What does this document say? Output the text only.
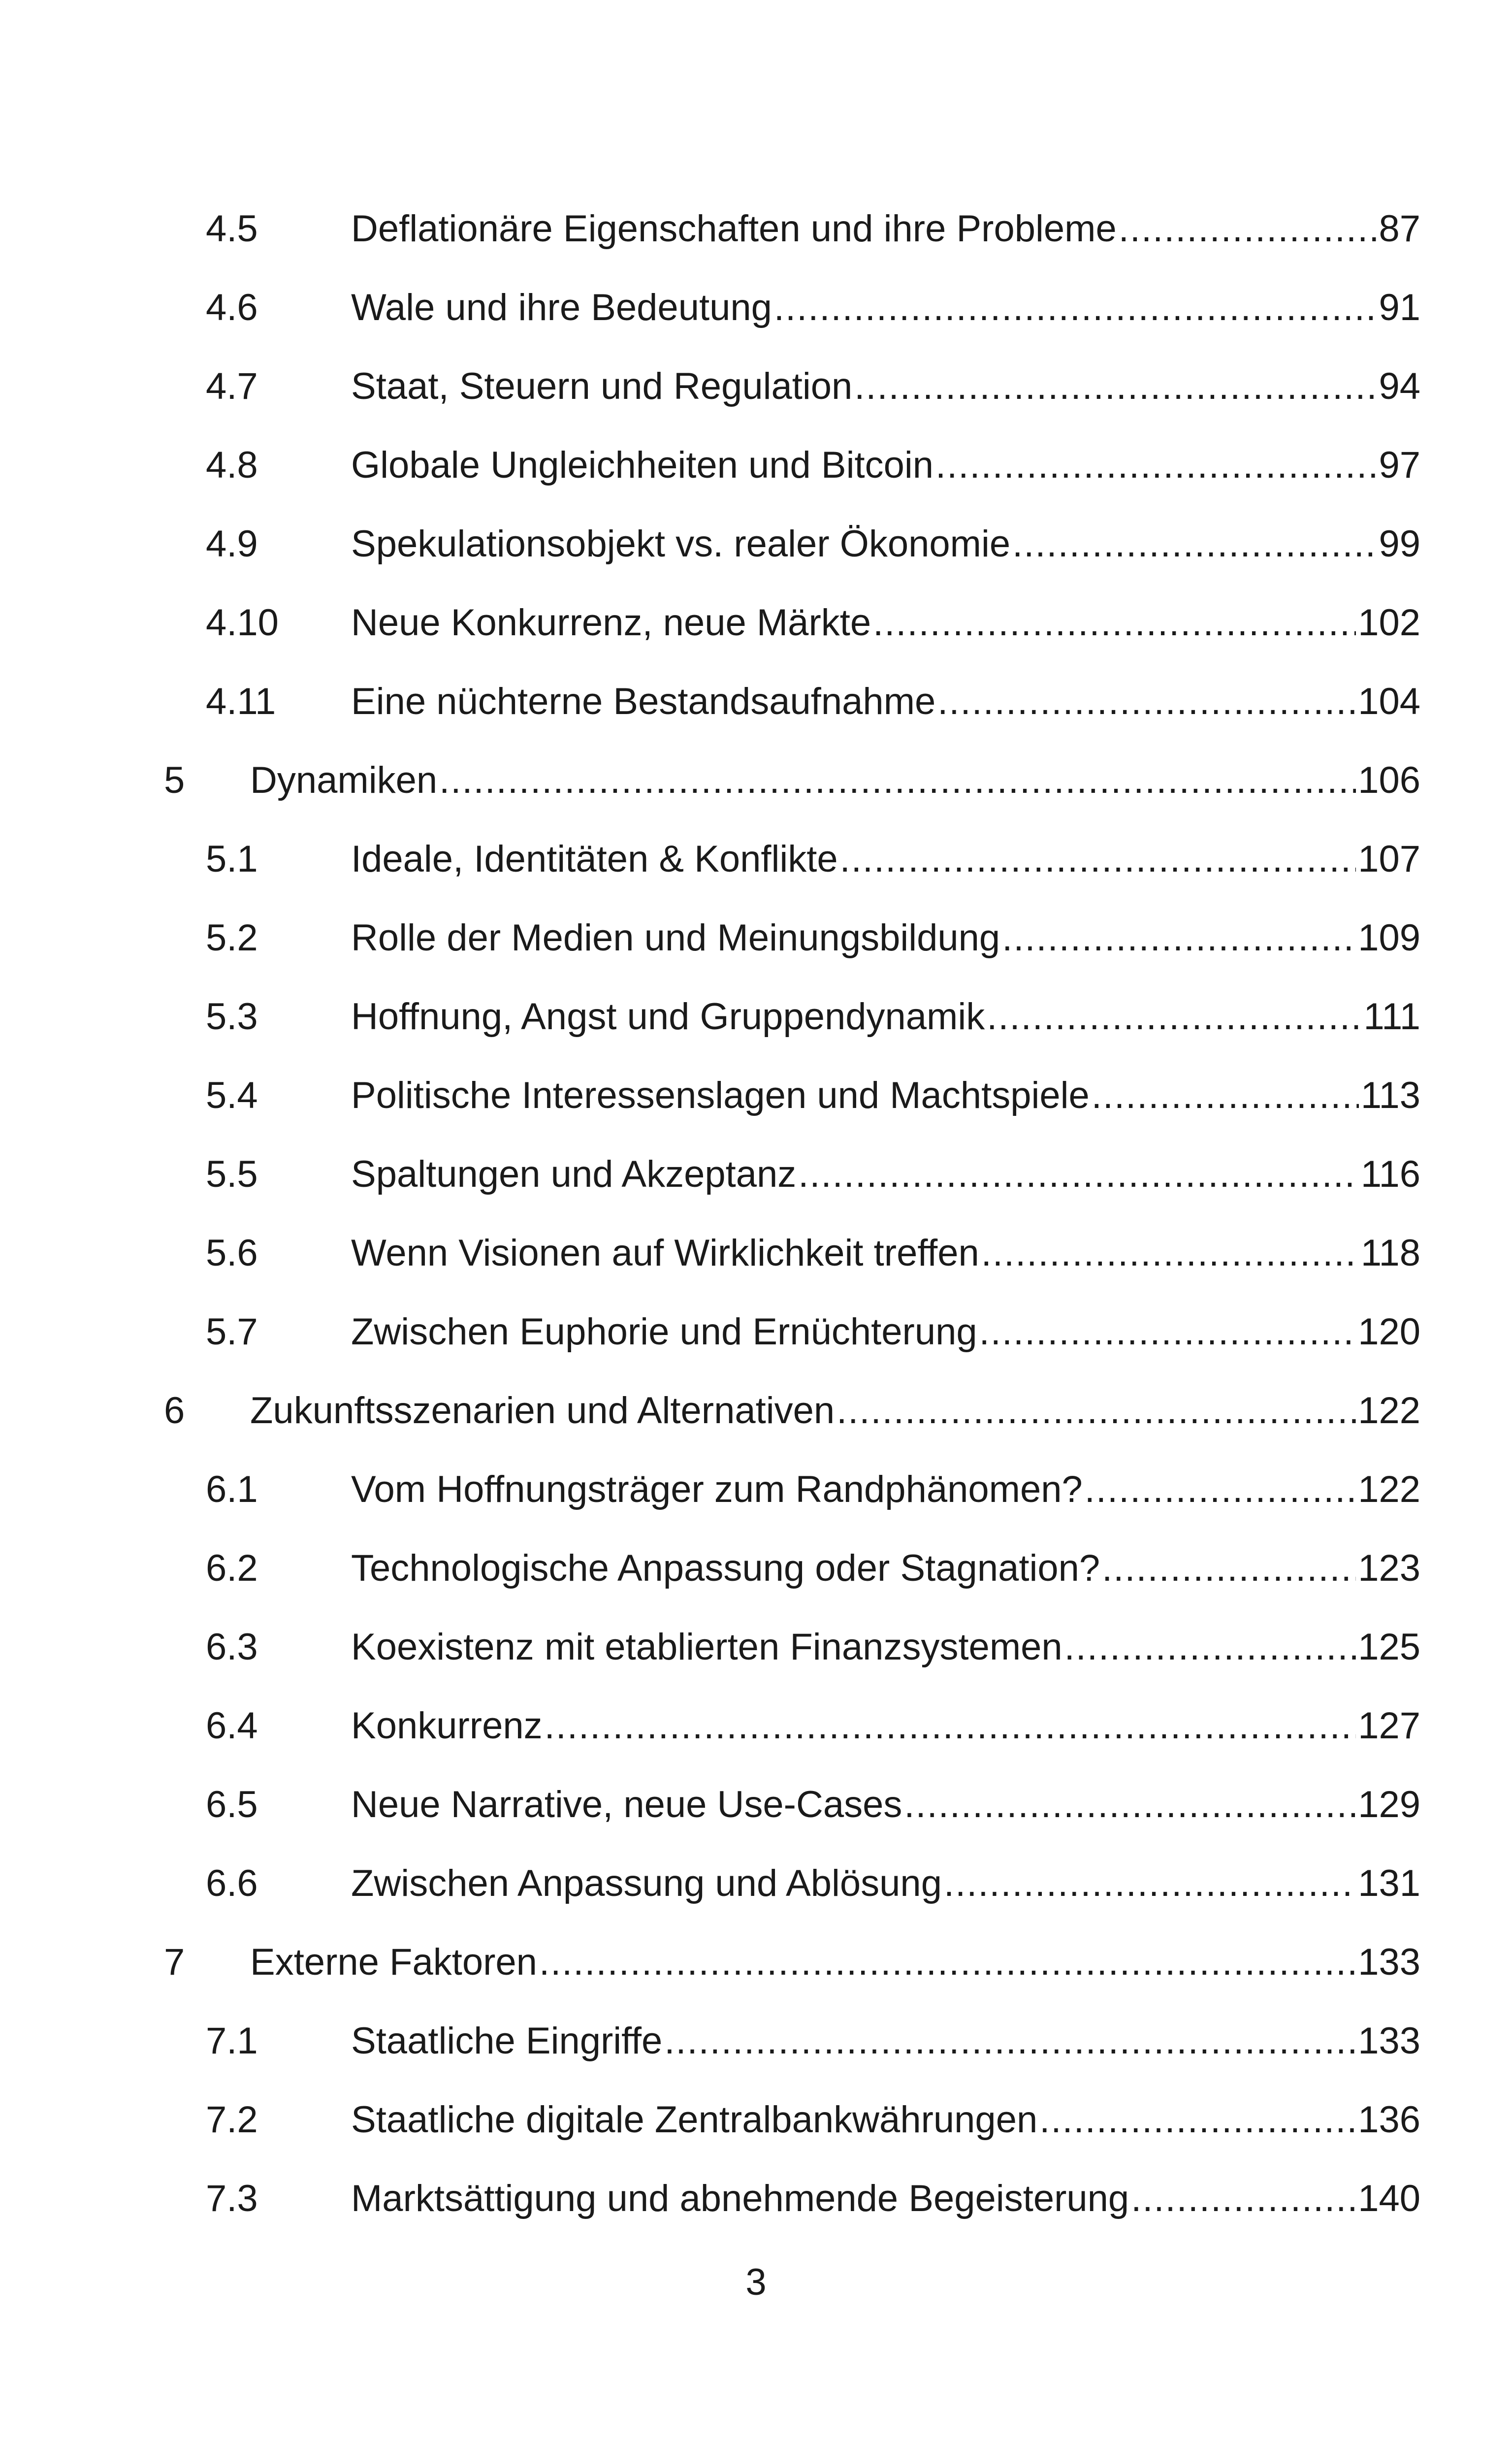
4.5 Deflationäre Eigenschaften und ihre Probleme .....	87
4.6 Wale und ihre Bedeutung .....	91
4.7 Staat, Steuern und Regulation .....	94
4.8 Globale Ungleichheiten und Bitcoin .....	97
4.9 Spekulationsobjekt vs. realer Ökonomie .....	99
4.10 Neue Konkurrenz, neue Märkte .....	102
4.11 Eine nüchterne Bestandsaufnahme .....	104
5 Dynamiken .....	106
5.1 Ideale, Identitäten & Konflikte .....	107
5.2 Rolle der Medien und Meinungsbildung .....	109
5.3 Hoffnung, Angst und Gruppendynamik .....	111
5.4 Politische Interessenslagen und Machtspiele .....	113
5.5 Spaltungen und Akzeptanz .....	116
5.6 Wenn Visionen auf Wirklichkeit treffen .....	118
5.7 Zwischen Euphorie und Ernüchterung .....	120
6 Zukunftsszenarien und Alternativen .....	122
6.1 Vom Hoffnungsträger zum Randphänomen? .....	122
6.2 Technologische Anpassung oder Stagnation? .....	123
6.3 Koexistenz mit etablierten Finanzsystemen .....	125
6.4 Konkurrenz .....	127
6.5 Neue Narrative, neue Use-Cases .....	129
6.6 Zwischen Anpassung und Ablösung .....	131
7 Externe Faktoren .....	133
7.1 Staatliche Eingriffe .....	133
7.2 Staatliche digitale Zentralbankwährungen .....	136
7.3 Marktsättigung und abnehmende Begeisterung .....	140
3
